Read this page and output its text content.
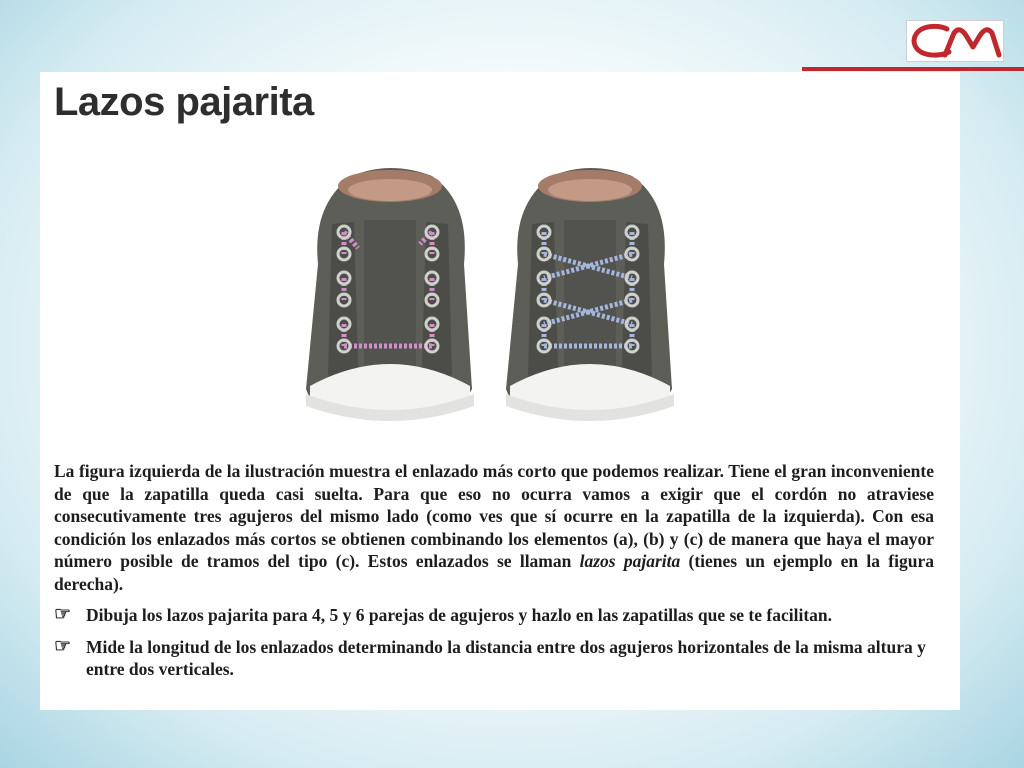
Lazos pajarita

La figura izquierda de la ilustración muestra el enlazado más corto que podemos realizar. Tiene el gran inconveniente de que la zapatilla queda casi suelta. Para que eso no ocurra vamos a exigir que el cordón no atraviese consecutivamente tres agujeros del mismo lado (como ves que sí ocurre en la zapatilla de la izquierda). Con esa condición los enlazados más cortos se obtienen combinando los elementos (a), (b) y (c) de manera que haya el mayor número posible de tramos del tipo (c). Estos enlazados se llaman lazos pajarita (tienes un ejemplo en la figura derecha).

☞ Dibuja los lazos pajarita para 4, 5 y 6 parejas de agujeros y hazlo en las zapatillas que se te facilitan.
☞ Mide la longitud de los enlazados determinando la distancia entre dos agujeros horizontales de la misma altura y entre dos verticales.
